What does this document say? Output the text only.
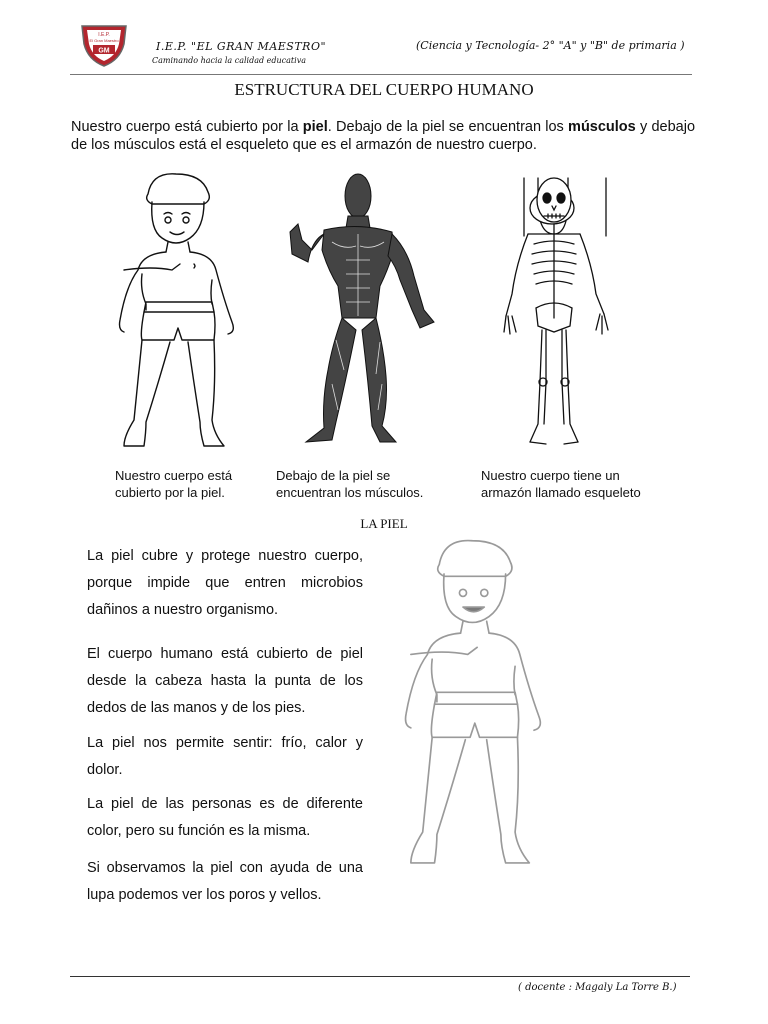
I.E.P.
El Gran Maestro
GM	I.E.P. "EL GRAN MAESTRO"
Caminando hacia la calidad educativa
(Ciencia y Tecnología- 2° "A" y "B" de primaria )
ESTRUCTURA DEL CUERPO HUMANO
Nuestro cuerpo está cubierto por la piel. Debajo de la piel se encuentran los músculos y debajo de los músculos está el esqueleto que es el armazón de nuestro cuerpo.
Nuestro cuerpo está cubierto por la piel.
Debajo de la piel se encuentran los músculos.
Nuestro cuerpo tiene un armazón llamado esqueleto
LA PIEL
La piel cubre y protege nuestro cuerpo, porque impide que entren microbios dañinos a nuestro organismo.
El cuerpo humano está cubierto de piel desde la cabeza hasta la punta de los dedos de las manos y de los pies.
La piel nos permite sentir: frío, calor y dolor.
La piel de las personas es de diferente color, pero su función es la misma.
Si observamos la piel con ayuda de una lupa podemos ver los poros y vellos.
( docente : Magaly La Torre B.)
